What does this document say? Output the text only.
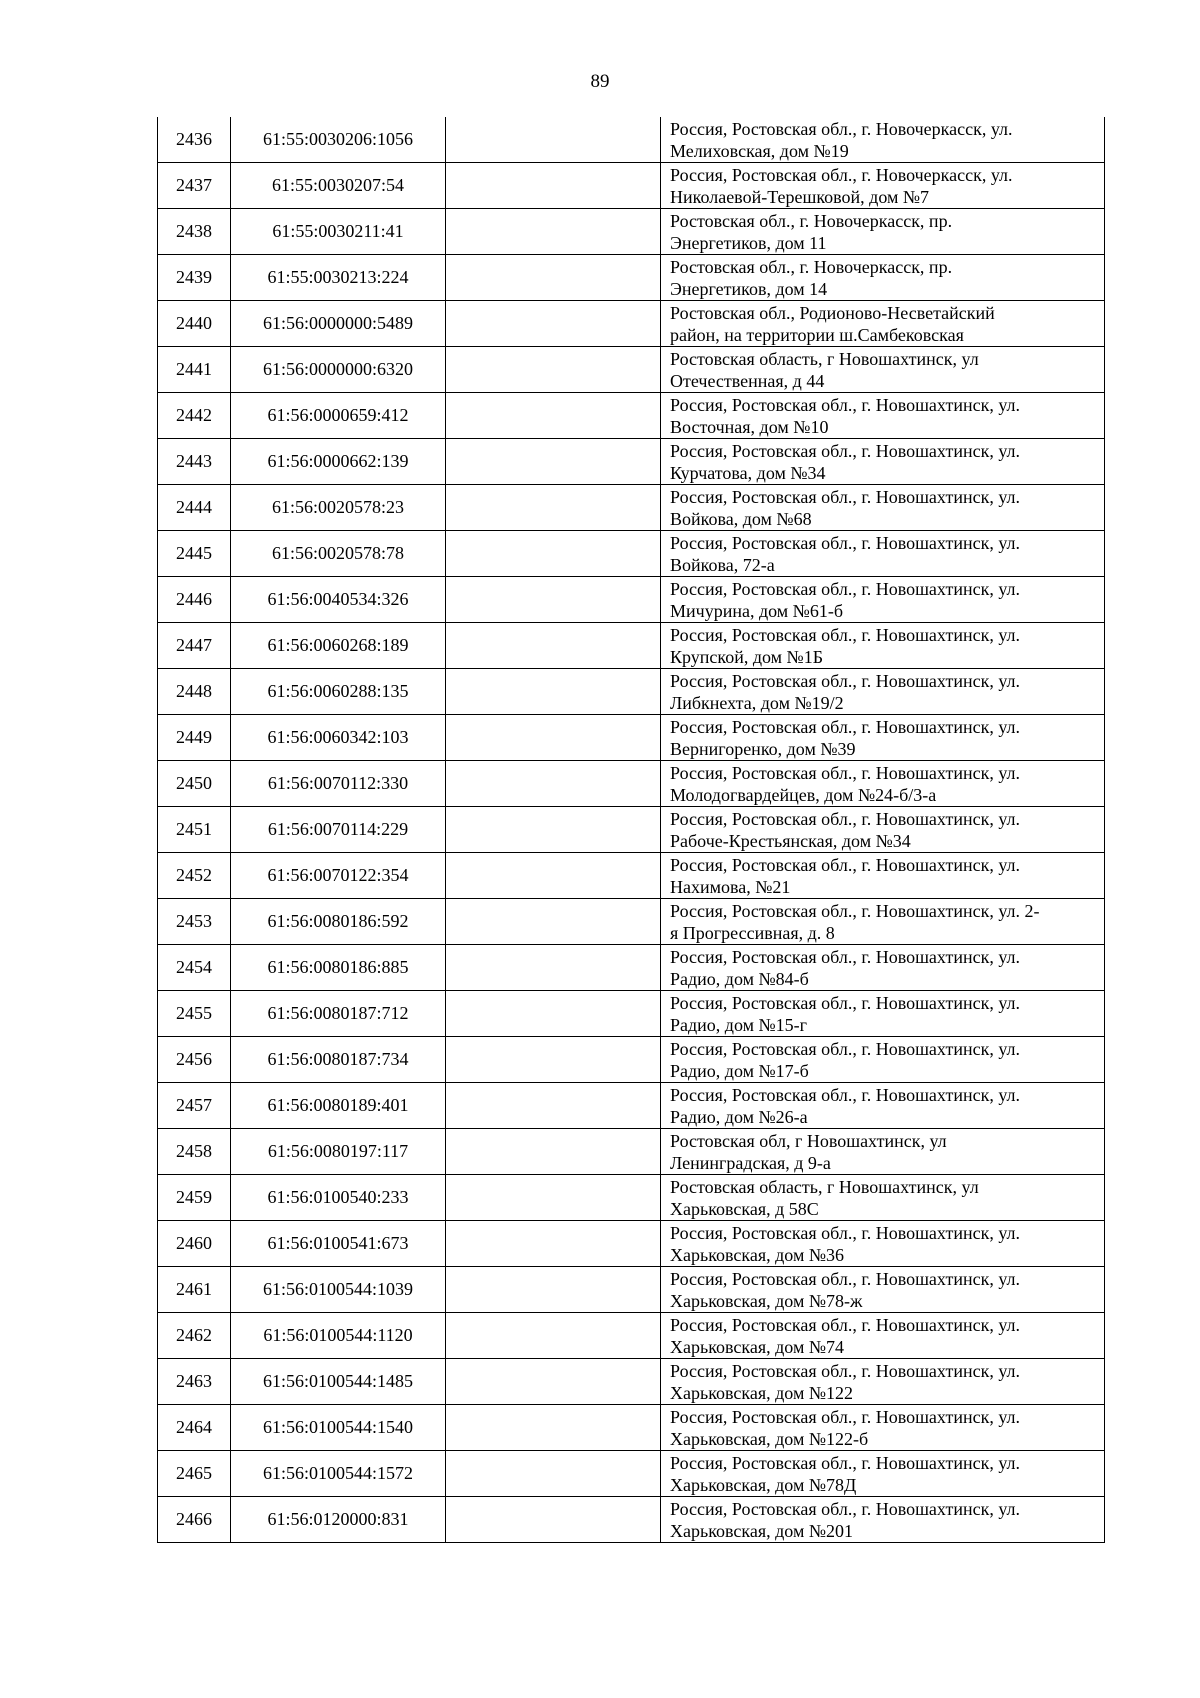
89
2436	61:55:0030206:1056		Россия, Ростовская обл., г. Новочеркасск, ул.
Мелиховская, дом №19

2437	61:55:0030207:54		Россия, Ростовская обл., г. Новочеркасск, ул.
Николаевой-Терешковой, дом №7

2438	61:55:0030211:41		Ростовская обл., г. Новочеркасск, пр.
Энергетиков, дом 11

2439	61:55:0030213:224		Ростовская обл., г. Новочеркасск, пр.
Энергетиков, дом 14

2440	61:56:0000000:5489		Ростовская обл., Родионово-Несветайский
район, на территории ш.Самбековская

2441	61:56:0000000:6320		Ростовская область, г Новошахтинск, ул
Отечественная, д 44

2442	61:56:0000659:412		Россия, Ростовская обл., г. Новошахтинск, ул.
Восточная, дом №10

2443	61:56:0000662:139		Россия, Ростовская обл., г. Новошахтинск, ул.
Курчатова, дом №34

2444	61:56:0020578:23		Россия, Ростовская обл., г. Новошахтинск, ул.
Войкова, дом №68

2445	61:56:0020578:78		Россия, Ростовская обл., г. Новошахтинск, ул.
Войкова, 72-а

2446	61:56:0040534:326		Россия, Ростовская обл., г. Новошахтинск, ул.
Мичурина, дом №61-б

2447	61:56:0060268:189		Россия, Ростовская обл., г. Новошахтинск, ул.
Крупской, дом №1Б

2448	61:56:0060288:135		Россия, Ростовская обл., г. Новошахтинск, ул.
Либкнехта, дом №19/2

2449	61:56:0060342:103		Россия, Ростовская обл., г. Новошахтинск, ул.
Вернигоренко, дом №39

2450	61:56:0070112:330		Россия, Ростовская обл., г. Новошахтинск, ул.
Молодогвардейцев, дом №24-б/3-а

2451	61:56:0070114:229		Россия, Ростовская обл., г. Новошахтинск, ул.
Рабоче-Крестьянская, дом №34

2452	61:56:0070122:354		Россия, Ростовская обл., г. Новошахтинск, ул.
Нахимова, №21

2453	61:56:0080186:592		Россия, Ростовская обл., г. Новошахтинск, ул. 2-
я Прогрессивная, д. 8

2454	61:56:0080186:885		Россия, Ростовская обл., г. Новошахтинск, ул.
Радио, дом №84-б

2455	61:56:0080187:712		Россия, Ростовская обл., г. Новошахтинск, ул.
Радио, дом №15-г

2456	61:56:0080187:734		Россия, Ростовская обл., г. Новошахтинск, ул.
Радио, дом №17-б

2457	61:56:0080189:401		Россия, Ростовская обл., г. Новошахтинск, ул.
Радио, дом №26-а

2458	61:56:0080197:117		Ростовская обл, г Новошахтинск, ул
Ленинградская, д 9-а

2459	61:56:0100540:233		Ростовская область, г Новошахтинск, ул
Харьковская, д 58С

2460	61:56:0100541:673		Россия, Ростовская обл., г. Новошахтинск, ул.
Харьковская, дом №36

2461	61:56:0100544:1039		Россия, Ростовская обл., г. Новошахтинск, ул.
Харьковская, дом №78-ж

2462	61:56:0100544:1120		Россия, Ростовская обл., г. Новошахтинск, ул.
Харьковская, дом №74

2463	61:56:0100544:1485		Россия, Ростовская обл., г. Новошахтинск, ул.
Харьковская, дом №122

2464	61:56:0100544:1540		Россия, Ростовская обл., г. Новошахтинск, ул.
Харьковская, дом №122-б

2465	61:56:0100544:1572		Россия, Ростовская обл., г. Новошахтинск, ул.
Харьковская, дом №78Д

2466	61:56:0120000:831		Россия, Ростовская обл., г. Новошахтинск, ул.
Харьковская, дом №201
